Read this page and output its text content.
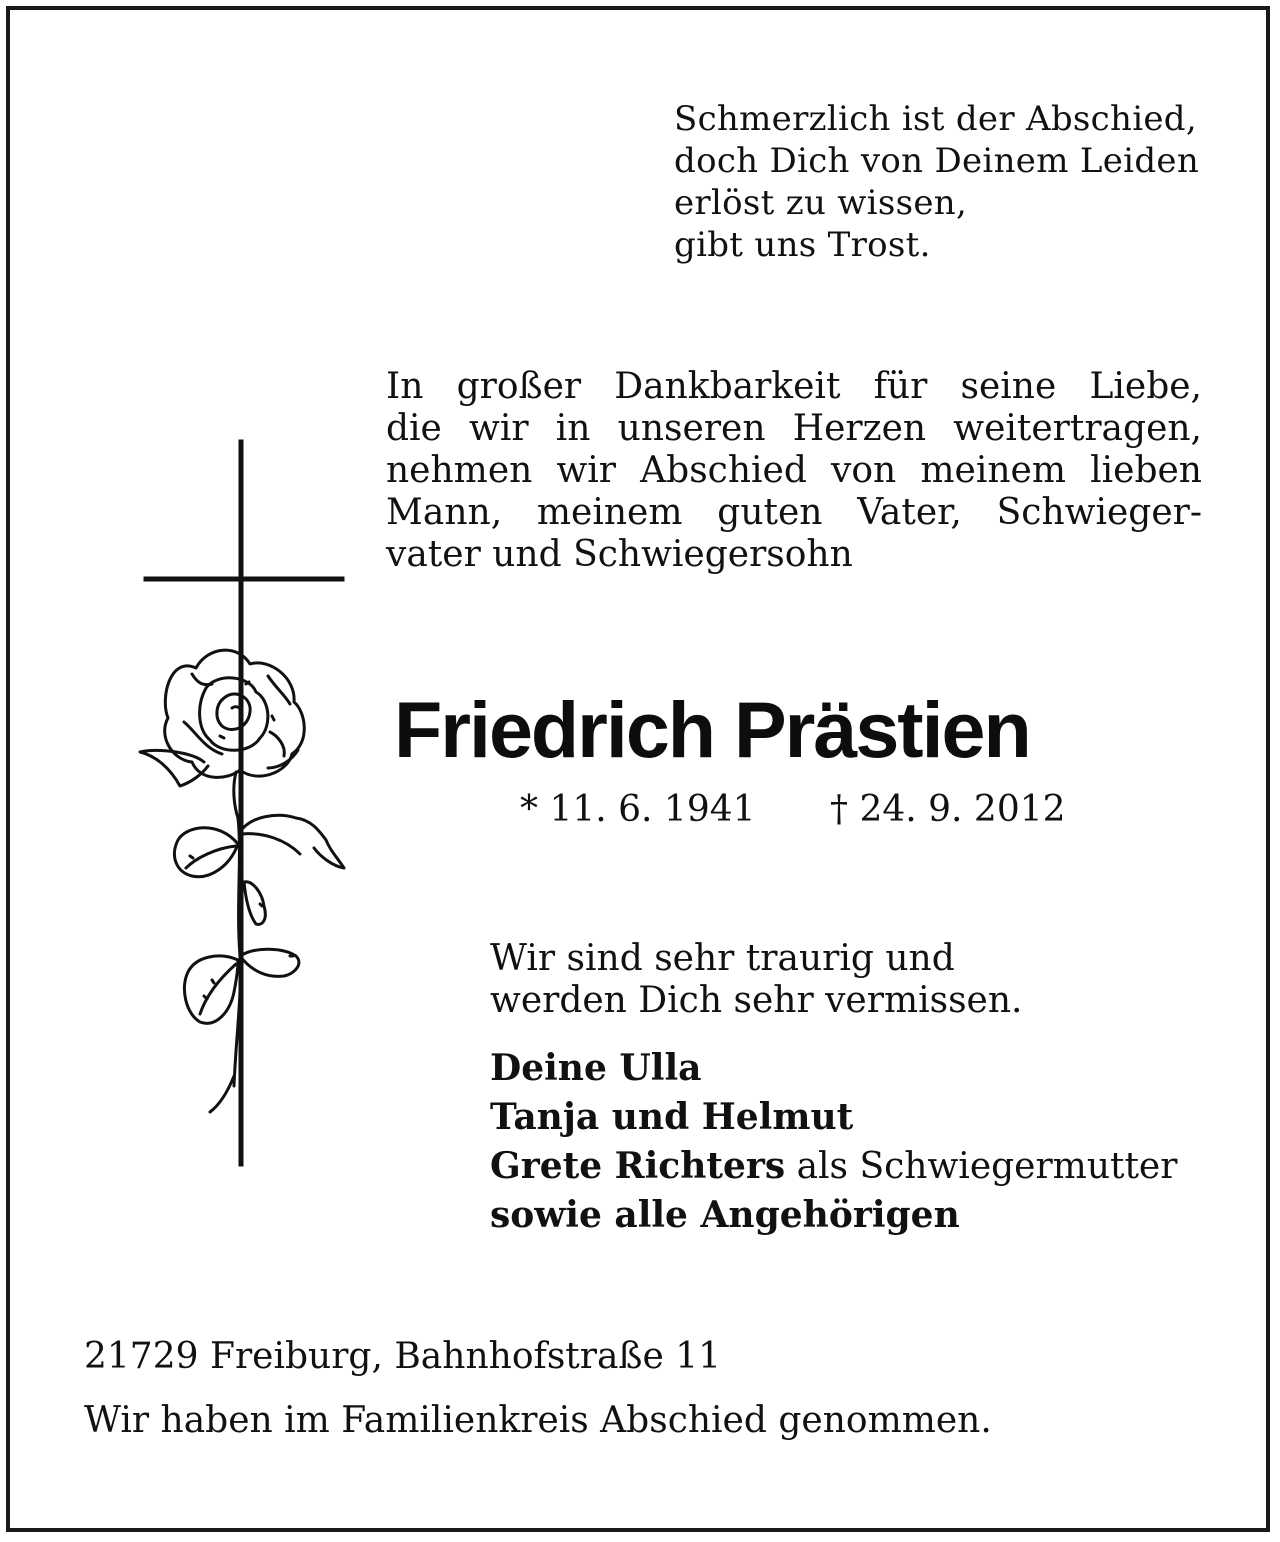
Schmerzlich ist der Abschied,
doch Dich von Deinem Leiden
erlöst zu wissen,
gibt uns Trost.
In großer Dankbarkeit für seine Liebe,
die wir in unseren Herzen weitertragen,
nehmen wir Abschied von meinem lieben
Mann, meinem guten Vater, Schwieger-
vater und Schwiegersohn
Friedrich Prästien
* 11. 6. 1941 † 24. 9. 2012
Wir sind sehr traurig und
werden Dich sehr vermissen.
Deine Ulla
Tanja und Helmut
Grete Richters als Schwiegermutter
sowie alle Angehörigen
21729 Freiburg, Bahnhofstraße 11
Wir haben im Familienkreis Abschied genommen.
